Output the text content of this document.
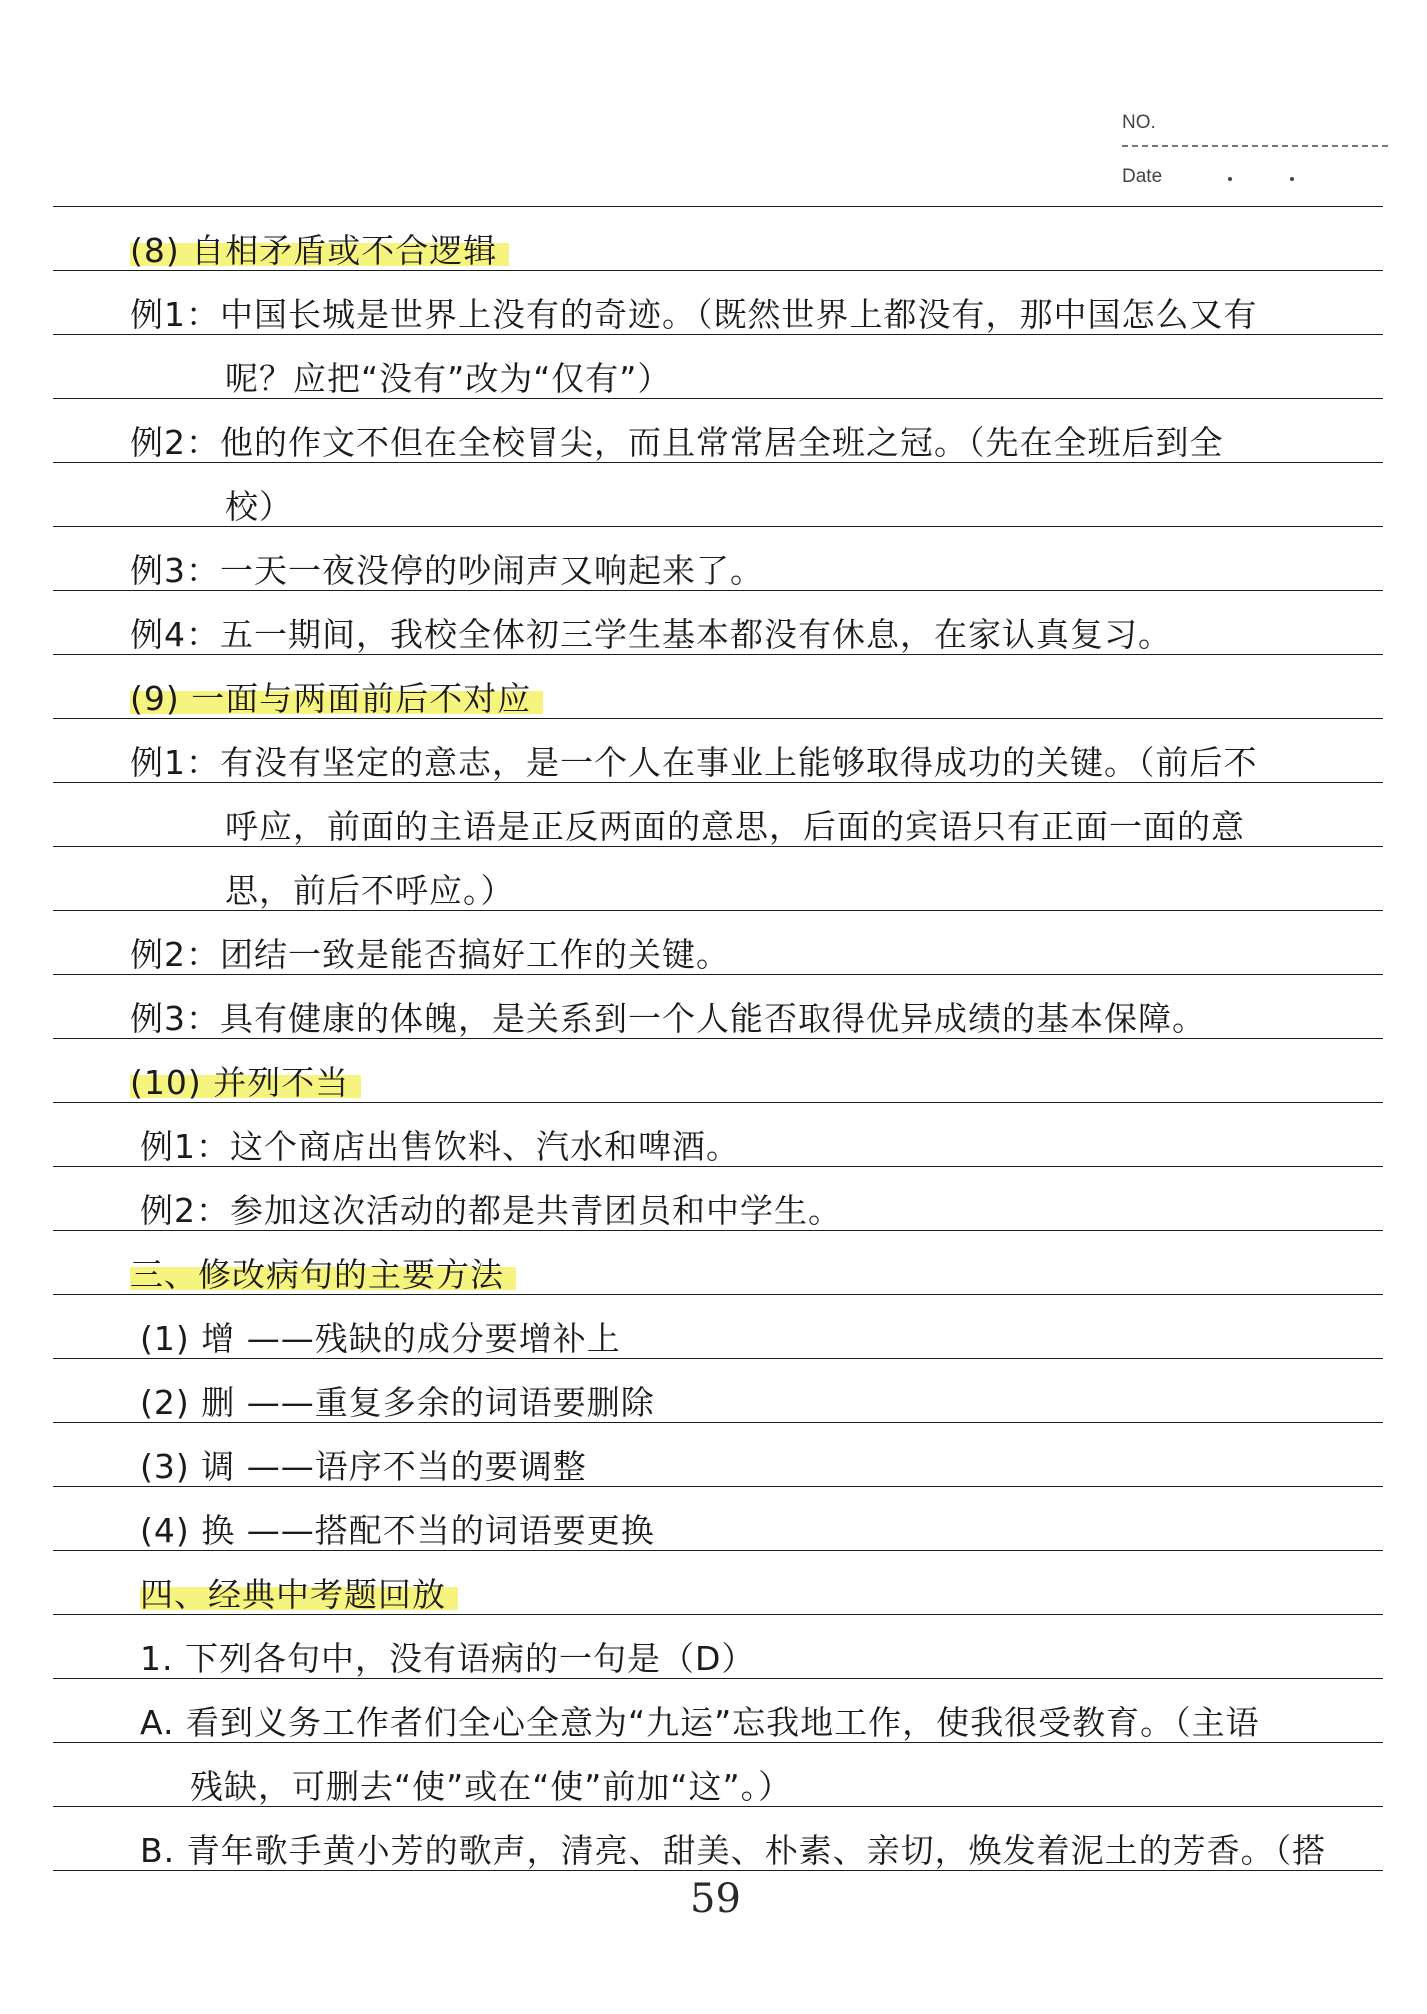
NO.
Date
(8) 自相矛盾或不合逻辑
例1：中国长城是世界上没有的奇迹。（既然世界上都没有，那中国怎么又有
呢？应把“没有”改为“仅有”）
例2：他的作文不但在全校冒尖，而且常常居全班之冠。（先在全班后到全
校）
例3：一天一夜没停的吵闹声又响起来了。
例4：五一期间，我校全体初三学生基本都没有休息，在家认真复习。
(9) 一面与两面前后不对应
例1：有没有坚定的意志，是一个人在事业上能够取得成功的关键。（前后不
呼应，前面的主语是正反两面的意思，后面的宾语只有正面一面的意
思，前后不呼应。）
例2：团结一致是能否搞好工作的关键。
例3：具有健康的体魄，是关系到一个人能否取得优异成绩的基本保障。
(10) 并列不当
例1：这个商店出售饮料、汽水和啤酒。
例2：参加这次活动的都是共青团员和中学生。
三、修改病句的主要方法
(1) 增 ——残缺的成分要增补上
(2) 删 ——重复多余的词语要删除
(3) 调 ——语序不当的要调整
(4) 换 ——搭配不当的词语要更换
四、经典中考题回放
1. 下列各句中，没有语病的一句是（D）
A. 看到义务工作者们全心全意为“九运”忘我地工作，使我很受教育。（主语
残缺，可删去“使”或在“使”前加“这”。）
B. 青年歌手黄小芳的歌声，清亮、甜美、朴素、亲切，焕发着泥土的芳香。（搭
59
